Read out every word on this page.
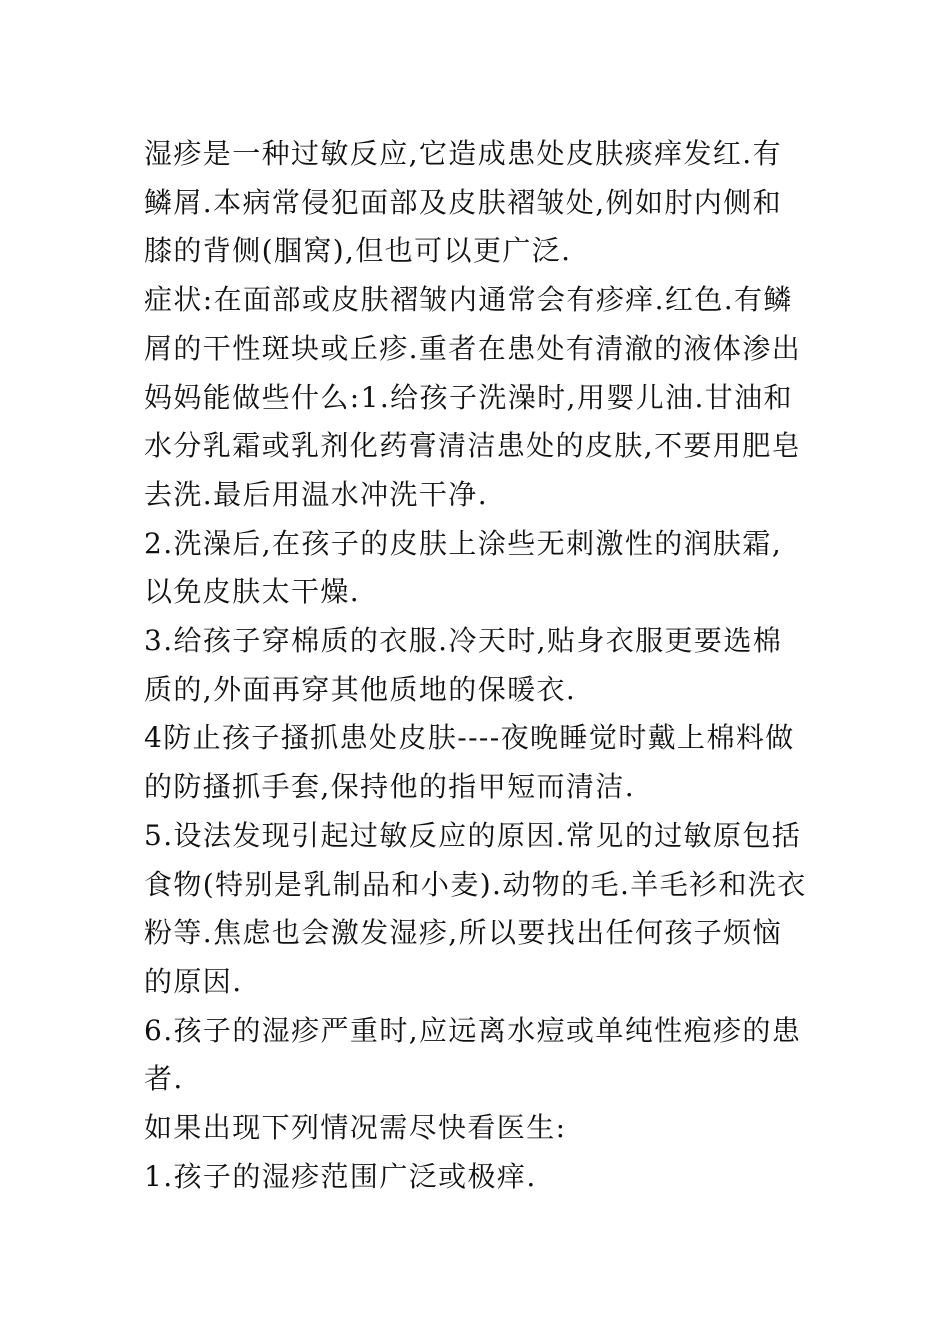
湿疹是一种过敏反应,它造成患处皮肤痰痒发红.有鳞屑.本病常侵犯面部及皮肤褶皱处,例如肘内侧和膝的背侧(腘窝),但也可以更广泛.

症状:在面部或皮肤褶皱内通常会有疹痒.红色.有鳞屑的干性斑块或丘疹.重者在患处有清澈的液体渗出

妈妈能做些什么:1.给孩子洗澡时,用婴儿油.甘油和水分乳霜或乳剂化药膏清洁患处的皮肤,不要用肥皂去洗.最后用温水冲洗干净.

2.洗澡后,在孩子的皮肤上涂些无刺激性的润肤霜,以免皮肤太干燥.

3.给孩子穿棉质的衣服.冷天时,贴身衣服更要选棉质的,外面再穿其他质地的保暖衣.

4防止孩子搔抓患处皮肤----夜晚睡觉时戴上棉料做的防搔抓手套,保持他的指甲短而清洁.

5.设法发现引起过敏反应的原因.常见的过敏原包括食物(特别是乳制品和小麦).动物的毛.羊毛衫和洗衣粉等.焦虑也会激发湿疹,所以要找出任何孩子烦恼的原因.

6.孩子的湿疹严重时,应远离水痘或单纯性疱疹的患者.

如果出现下列情况需尽快看医生:

1.孩子的湿疹范围广泛或极痒.
